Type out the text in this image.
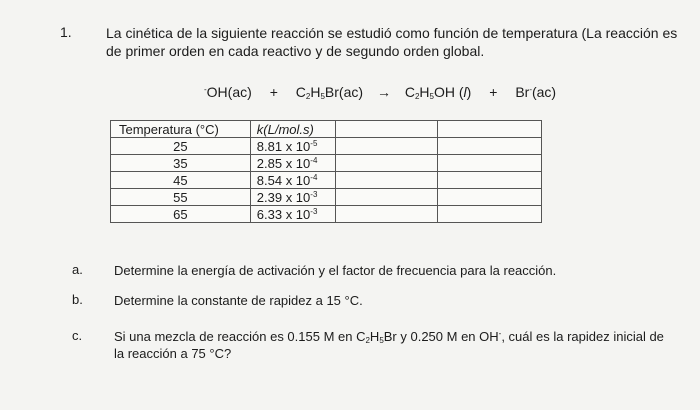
1. La cinética de la siguiente reacción se estudió como función de temperatura (La reacción es de primer orden en cada reactivo y de segundo orden global.
$^-OH(ac) + C_2H_5Br(ac) \to C_2H_5OH$ (l) + Br-(ac)
Temperatura (°C)	k(L/mol.s)		
25	8.81 x $10^{-5}$		
35	2.85 x $10^{-4}$		
45	8.54 x $10^{-4}$		
55	2.39 x $10^{-3}$		
65	6.33 x $10^{-3}$		
a. Determine la energía de activación y el factor de frecuencia para la reacción.
b. Determine la constante de rapidez a 15 °C.
c. Si una mezcla de reacción es 0.155 M en $C_2H_5Br$ y 0.250 M en OH-, cuál es la rapidez inicial de la reacción a 75 °C?
